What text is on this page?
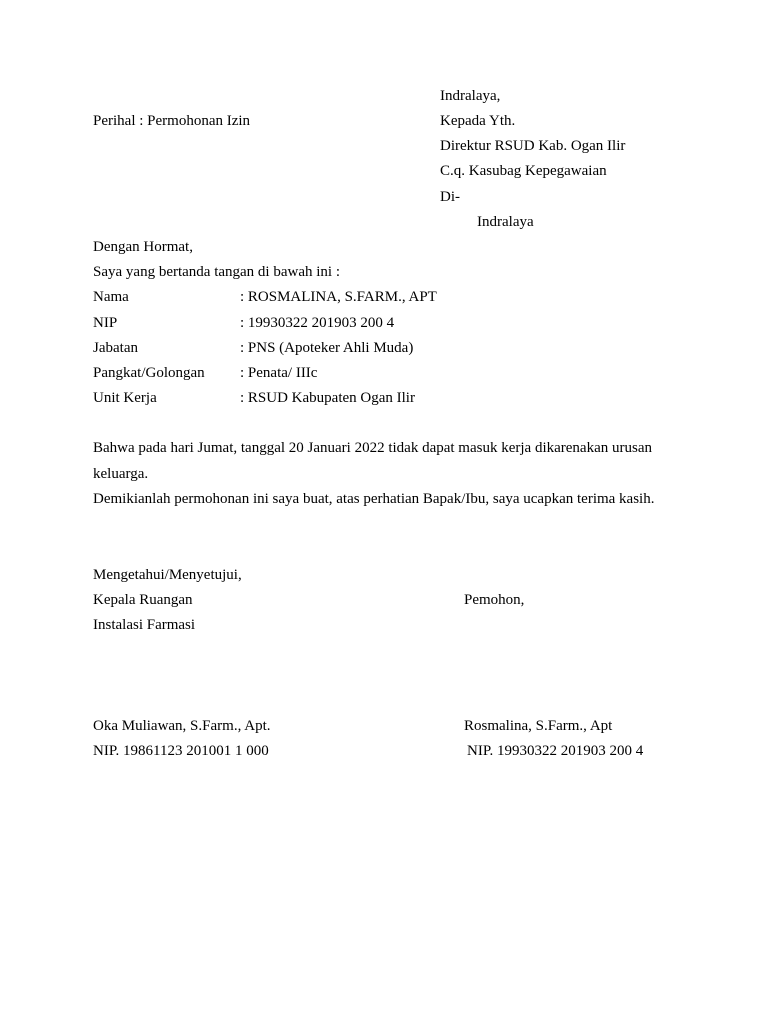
Indralaya,
Perihal : Permohonan Izin	Kepada Yth.
Direktur RSUD Kab. Ogan Ilir
C.q. Kasubag Kepegawaian
Di-
Indralaya
Dengan Hormat,
Saya yang bertanda tangan di bawah ini :
Nama	: ROSMALINA, S.FARM., APT
NIP	: 19930322 201903 200 4
Jabatan	: PNS (Apoteker Ahli Muda)
Pangkat/Golongan : Penata/ IIIc
Unit Kerja	: RSUD Kabupaten Ogan Ilir
Bahwa pada hari Jumat, tanggal 20 Januari 2022 tidak dapat masuk kerja dikarenakan urusan
keluarga.
Demikianlah permohonan ini saya buat, atas perhatian Bapak/Ibu, saya ucapkan terima kasih.
Mengetahui/Menyetujui,
Kepala Ruangan	Pemohon,
Instalasi Farmasi
Oka Muliawan, S.Farm., Apt.	Rosmalina, S.Farm., Apt
NIP. 19861123 201001 1 000	NIP. 19930322 201903 200 4
